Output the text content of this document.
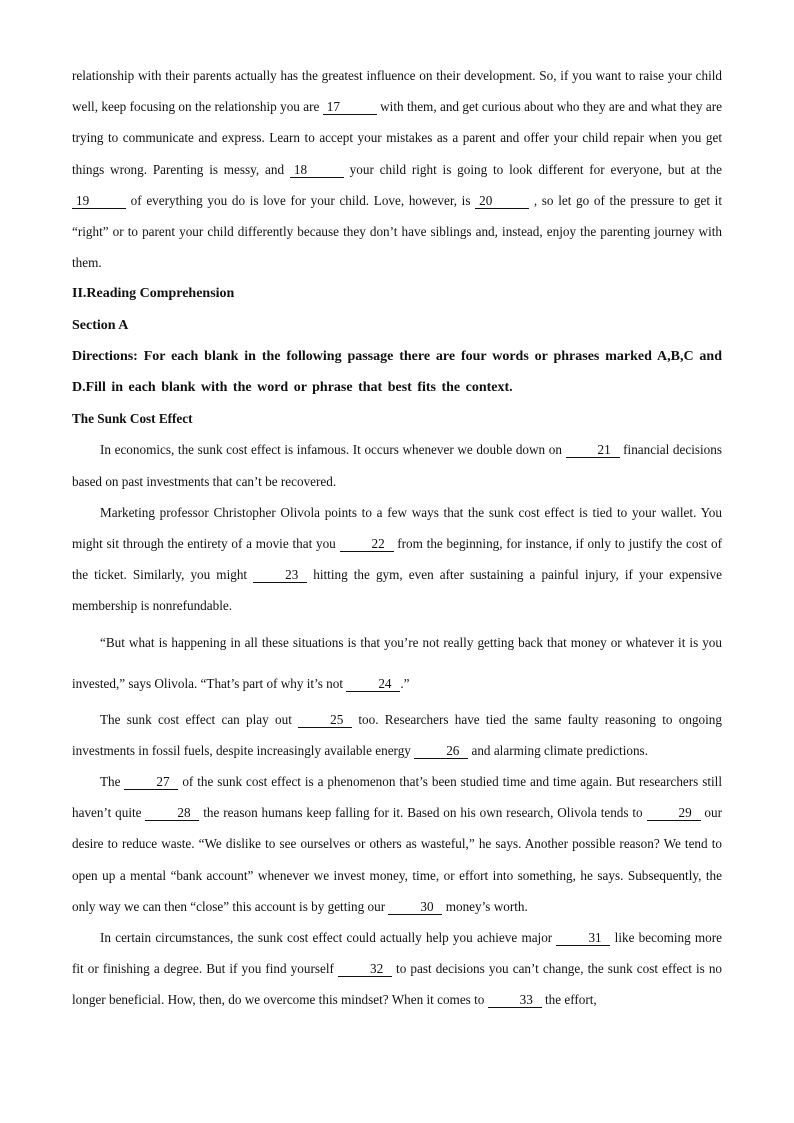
relationship with their parents actually has the greatest influence on their development. So, if you want to raise your child well, keep focusing on the relationship you are 17	with them, and get curious about who they are and what they are trying to communicate and express. Learn to accept your mistakes as a parent and offer your child repair when you get things wrong. Parenting is messy, and 18	your child right is going to look different for everyone, but at the19	of everything you do is love for your child. Love, however, is 20	, so let go of the pressure to get it “right” or to parent your child differently because they don’t have siblings and, instead, enjoy the parenting journey with them.

II.Reading Comprehension

Section A

Directions: For each blank in the following passage there are four words or phrases marked A,B,C and D.Fill in each blank with the word or phrase that best fits the context.

The Sunk Cost Effect

In economics, the sunk cost effect is infamous. It occurs whenever we double down on 21 financial decisions based on past investments that can’t be recovered.

Marketing professor Christopher Olivola points to a few ways that the sunk cost effect is tied to your wallet. You might sit through the entirety of a movie that you 22 from the beginning, for instance, if only to justify the cost of the ticket. Similarly, you might 23 hitting the gym, even after sustaining a painful injury, if your expensive membership is nonrefundable.

“But what is happening in all these situations is that you’re not really getting back that money or whatever it is you invested,” says Olivola. “That’s part of why it’s not 24 .”

The sunk cost effect can play out 25 too. Researchers have tied the same faulty reasoning to ongoing investments in fossil fuels, despite increasingly available energy 26 and alarming climate predictions.

The 27 of the sunk cost effect is a phenomenon that’s been studied time and time again. But researchers still haven’t quite 28 the reason humans keep falling for it. Based on his own research, Olivola tends to 29 our desire to reduce waste. “We dislike to see ourselves or others as wasteful,” he says. Another possible reason? We tend to open up a mental “bank account” whenever we invest money, time, or effort into something, he says. Subsequently, the only way we can then “close” this account is by getting our 30 money’s worth.

In certain circumstances, the sunk cost effect could actually help you achieve major 31 like becoming more fit or finishing a degree. But if you find yourself 32 to past decisions you can’t change, the sunk cost effect is no longer beneficial. How, then, do we overcome this mindset? When it comes to 33 the effort,
